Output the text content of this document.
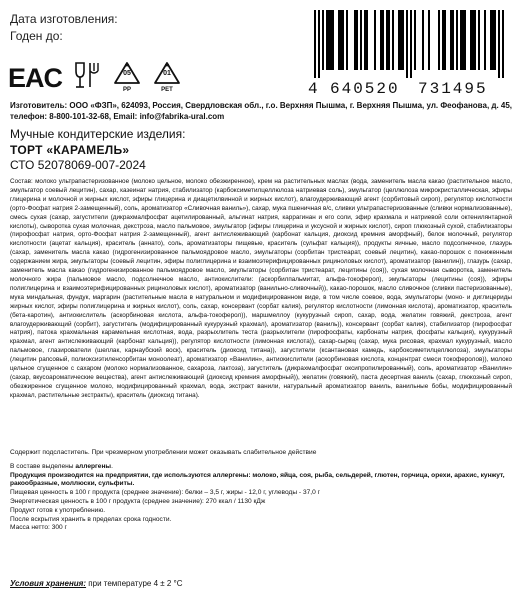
Дата изготовления:
Годен до:
EAC	05
PP
01
PET	4 640520 731495
Изготовитель: ООО «ФЗП», 624093, Россия, Свердловская обл., г.о. Верхняя Пышма, г. Верхняя Пышма, ул. Феофанова, д. 45, телефон: 8-800-101-32-68, Email: info@fabrika-ural.com
Мучные кондитерские изделия:
ТОРТ «КАРАМЕЛЬ»
СТО 52078069-007-2024
Состав: молоко ультрапастеризованное (молоко цельное, молоко обезжиренное), крем на растительных маслах (вода, заменитель масла какао (растительное масло, эмульгатор соевый лецитин), сахар, казеинат натрия, стабилизатор (карбоксиметилцеллюлоза натриевая соль), эмульгатор (целлюлоза микрокристаллическая, эфиры глицерина и молочной и жирных кислот, эфиры глицерина и диацетилвинной и жирных кислот), влагоудерживающий агент (сорбитовый сироп), регулятор кислотности (орто-Фосфат натрия 2-замещенный), соль, ароматизатор «Сливочная ваниль»), сахар, мука пшеничная в/с, сливки ультрапастеризованные (сливки нормализованные), смесь сухая (сахар, загустители (дикрахмалфосфат ацетилированный, альгинат натрия, каррагинан и его соли, эфир крахмала и натриевой соли октенилянтарной кислоты), сыворотка сухая молочная, декстроза, масло пальмовое, эмульгатор (эфиры глицерина и уксусной и жирных кислот), сироп глюкозный сухой, стабилизаторы (пирофосфат натрия, орто-Фосфат натрия 2-замещенный), агент антислеживающий (карбонат кальция, диоксид кремния аморфный), белок молочный, регулятор кислотности (ацетат кальция), краситель (аннато), соль, ароматизаторы пищевые, краситель (сульфат кальция)), продукты яичные, масло подсолнечное, глазурь (сахар, заменитель масла какао (гидрогенизированное пальмоядровое масло, эмульгаторы (сорбитан тристеарат, соевый лецитин), какао-порошок с пониженным содержанием жира, эмульгаторы (соевый лецитин, эфиры полиглицерина и взаимоэтерифицированных рициноловых кислот), ароматизатор (ванилин)), глазурь (сахар, заменитель масла какао (гидрогенизированное пальмоядровое масло, эмульгаторы (сорбитан тристеарат, лецитины (соя)), сухая молочная сыворотка, заменитель молочного жира (пальмовое масло, подсолнечное масло, антиокислители: (аскорбилпальмитат, альфа-токоферол), эмульгаторы (лецитины (соя)), эфиры полиглицерина и взаимоэтерифицированных рициноловых кислот), ароматизатор (ванильно-сливочный)), какао-порошок, масло сливочное (сливки пастеризованные), мука миндальная, фундук, маргарин (растительные масла в натуральном и модифицированном виде, в том числе соевое, вода, эмульгаторы (моно- и диглицериды жирных кислот, эфиры полиглицерина и жирных кислот), соль, сахар, консервант (сорбат калия), регулятор кислотности (лимонная кислота), ароматизатор, краситель (бета-каротин), антиокислитель (аскорбиновая кислота, альфа-токоферол)), маршмеллоу (кукурузный сироп, сахар, вода, желатин говяжий, декстроза, агент влагоудерживающий (сорбит), загуститель (модифицированный кукурузный крахмал), ароматизатор (ваниль)), консервант (сорбат калия), стабилизатор (пирофосфат натрия), патока крахмальная карамельная кислотная, вода, разрыхлитель теста (разрыхлители (пирофосфаты, карбонаты натрия, фосфаты кальция), кукурузный крахмал, агент антислеживающий (карбонат кальция)), регулятор кислотности (лимонная кислота)), сахар-сырец (сахар, мука рисовая, крахмал кукурузный, масло пальмовое, глазирователи (шеллак, карнаубский воск), краситель (диоксид титана)), загустители (ксантановая камедь, карбоксиметилцеллюлоза), эмульгаторы (лецитин рапсовый, полиоксиэтиленсорбитан моноолеат), ароматизатор «Ванилин», антиокислители (аскорбиновая кислота, концентрат смеси токоферолов)), молоко цельное сгущенное с сахаром (молоко нормализованное, сахароза, лактоза), загуститель (дикрахмалфосфат оксипропилированный), соль, ароматизатор «Ванилин» (сахар, вкусоароматические вещества), агент антислеживающий (диоксид кремния аморфный)), желатин (говяжий), паста десертная ваниль (сахар, глюкозный сироп, обезжиренное сгущенное молоко, модифицированный крахмал, вода, экстракт ванили, натуральный ароматизатор ваниль, ванильные бобы, модифицированный крахмал, растительные экстракты), краситель (диоксид титана).

Содержит подсластитель. При чрезмерном употреблении может оказывать слабительное действие

В составе выделены аллергены.

Продукция производится на предприятии, где используются аллергены: молоко, яйца, соя, рыба, сельдерей, глютен, горчица, орехи, арахис, кунжут, ракообразные, моллюски, сульфиты.

Пищевая ценность в 100 г продукта (среднее значение): белки – 3,5 г, жиры - 12,0 г, углеводы - 37,0 г

Энергетическая ценность в 100 г продукта (среднее значение): 270 ккал / 1130 кДж

Продукт готов к употреблению.

После вскрытия хранить в пределах срока годности.

Масса нетто: 300 г

Условия хранения: при температуре 4 ± 2 °С
